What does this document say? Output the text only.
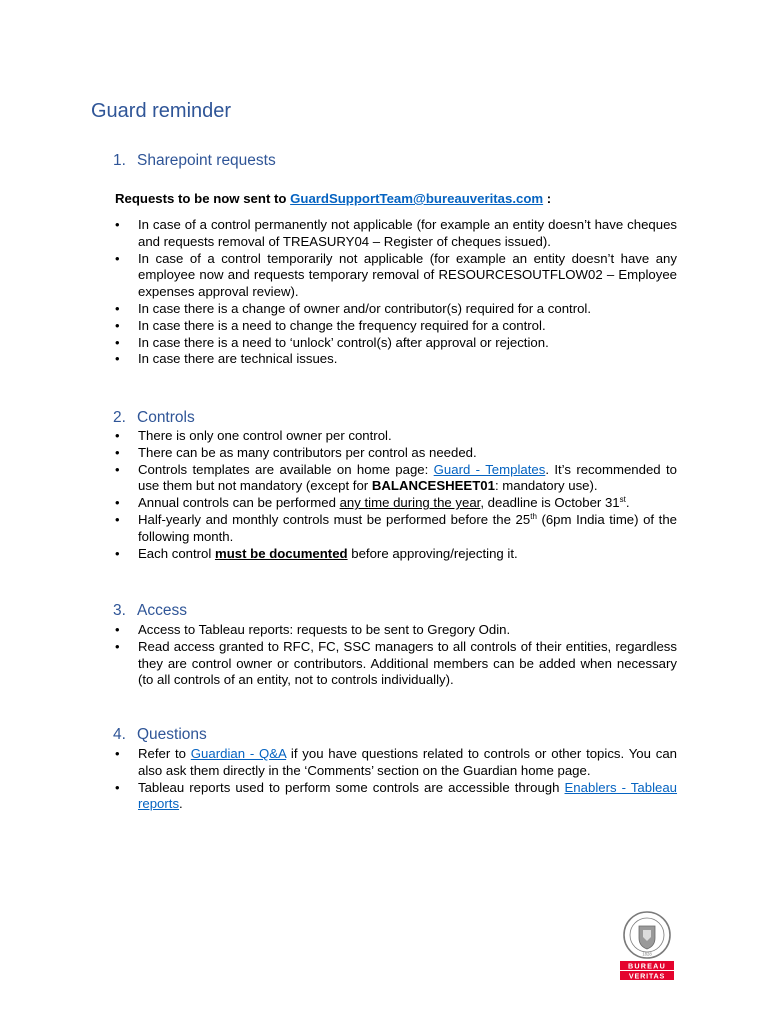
Guard reminder
1. Sharepoint requests
Requests to be now sent to GuardSupportTeam@bureauveritas.com :
• In case of a control permanently not applicable (for example an entity doesn’t have cheques and requests removal of TREASURY04 – Register of cheques issued).
• In case of a control temporarily not applicable (for example an entity doesn’t have any employee now and requests temporary removal of RESOURCESOUTFLOW02 – Employee expenses approval review).
• In case there is a change of owner and/or contributor(s) required for a control.
• In case there is a need to change the frequency required for a control.
• In case there is a need to ‘unlock’ control(s) after approval or rejection.
• In case there are technical issues.
2. Controls
• There is only one control owner per control.
• There can be as many contributors per control as needed.
• Controls templates are available on home page: Guard - Templates. It’s recommended to use them but not mandatory (except for BALANCESHEET01: mandatory use).
• Annual controls can be performed any time during the year, deadline is October 31st.
• Half-yearly and monthly controls must be performed before the 25th (6pm India time) of the following month.
• Each control must be documented before approving/rejecting it.
3. Access
• Access to Tableau reports: requests to be sent to Gregory Odin.
• Read access granted to RFC, FC, SSC managers to all controls of their entities, regardless they are control owner or contributors. Additional members can be added when necessary (to all controls of an entity, not to controls individually).
4. Questions
• Refer to Guardian - Q&A if you have questions related to controls or other topics. You can also ask them directly in the ‘Comments’ section on the Guardian home page.
• Tableau reports used to perform some controls are accessible through Enablers - Tableau reports.
1828
BUREAU
VERITAS
